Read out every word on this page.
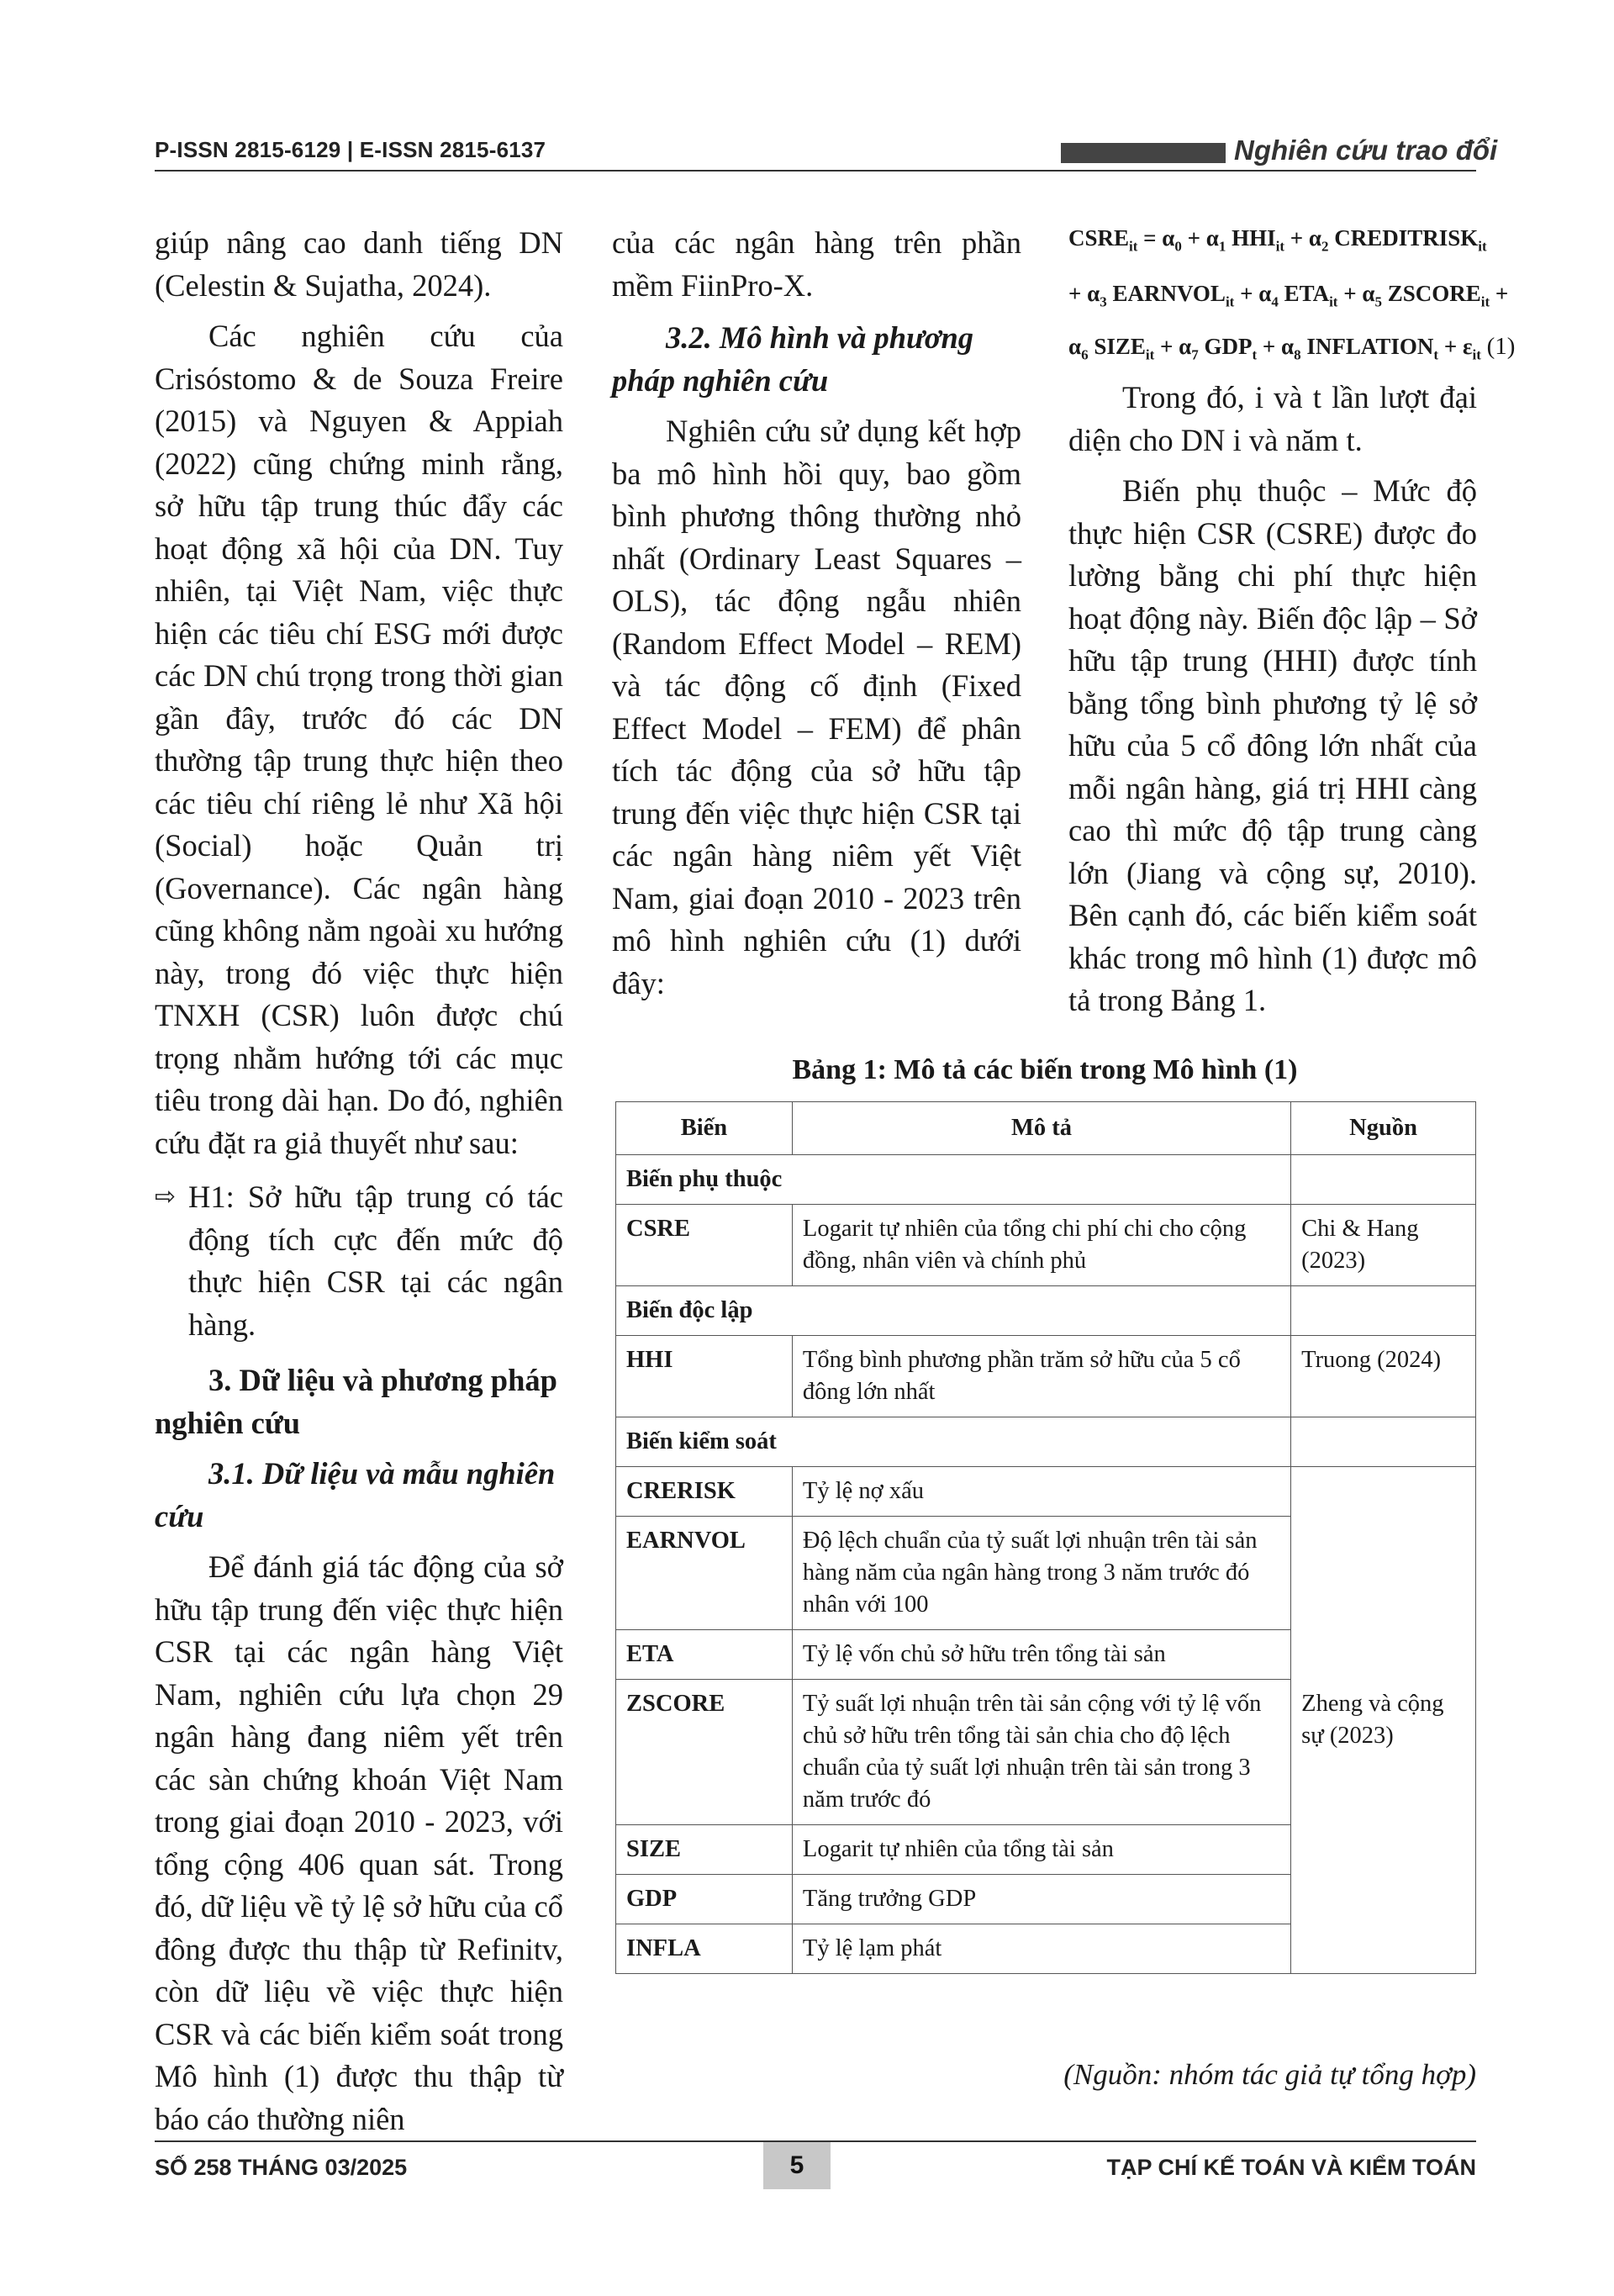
P-ISSN 2815-6129 | E-ISSN 2815-6137	Nghiên cứu trao đổi

giúp nâng cao danh tiếng DN (Celestin & Sujatha, 2024).

Các nghiên cứu của Crisóstomo & de Souza Freire (2015) và Nguyen & Appiah (2022) cũng chứng minh rằng, sở hữu tập trung thúc đẩy các hoạt động xã hội của DN. Tuy nhiên, tại Việt Nam, việc thực hiện các tiêu chí ESG mới được các DN chú trọng trong thời gian gần đây, trước đó các DN thường tập trung thực hiện theo các tiêu chí riêng lẻ như Xã hội (Social) hoặc Quản trị (Governance). Các ngân hàng cũng không nằm ngoài xu hướng này, trong đó việc thực hiện TNXH (CSR) luôn được chú trọng nhằm hướng tới các mục tiêu trong dài hạn. Do đó, nghiên cứu đặt ra giả thuyết như sau:

⇨ H1: Sở hữu tập trung có tác động tích cực đến mức độ thực hiện CSR tại các ngân hàng.

3. Dữ liệu và phương pháp nghiên cứu
3.1. Dữ liệu và mẫu nghiên cứu

Để đánh giá tác động của sở hữu tập trung đến việc thực hiện CSR tại các ngân hàng Việt Nam, nghiên cứu lựa chọn 29 ngân hàng đang niêm yết trên các sàn chứng khoán Việt Nam trong giai đoạn 2010 - 2023, với tổng cộng 406 quan sát. Trong đó, dữ liệu về tỷ lệ sở hữu của cổ đông được thu thập từ Refinitv, còn dữ liệu về việc thực hiện CSR và các biến kiểm soát trong Mô hình (1) được thu thập từ báo cáo thường niên

của các ngân hàng trên phần mềm FiinPro-X.

3.2. Mô hình và phương pháp nghiên cứu

Nghiên cứu sử dụng kết hợp ba mô hình hồi quy, bao gồm bình phương thông thường nhỏ nhất (Ordinary Least Squares – OLS), tác động ngẫu nhiên (Random Effect Model – REM) và tác động cố định (Fixed Effect Model – FEM) để phân tích tác động của sở hữu tập trung đến việc thực hiện CSR tại các ngân hàng niêm yết Việt Nam, giai đoạn 2010 - 2023 trên mô hình nghiên cứu (1) dưới đây:

$CSRE_{it} = \alpha_0 + \alpha_1$ $HHI_{it} + \alpha_2$ $CREDITRISK_{it}$
+ $\alpha_3$ $EARNVOL_{it} + \alpha_4$ $ETA_{it} + \alpha_5$ $ZSCORE_{it}$ +
$\alpha_6$ $SIZE_{it} + \alpha_7$ $GDP_t + \alpha_8$ $INFLATION_t + \varepsilon_{it}$ (1)

Trong đó, i và t lần lượt đại diện cho DN i và năm t.

Biến phụ thuộc – Mức độ thực hiện CSR (CSRE) được đo lường bằng chi phí thực hiện hoạt động này. Biến độc lập – Sở hữu tập trung (HHI) được tính bằng tổng bình phương tỷ lệ sở hữu của 5 cổ đông lớn nhất của mỗi ngân hàng, giá trị HHI càng cao thì mức độ tập trung càng lớn (Jiang và cộng sự, 2010). Bên cạnh đó, các biến kiểm soát khác trong mô hình (1) được mô tả trong Bảng 1.

Bảng 1: Mô tả các biến trong Mô hình (1)
Biến	Mô tả	Nguồn
Biến phụ thuộc		
CSRE	Logarit tự nhiên của tổng chi phí chi cho cộng đồng, nhân viên và chính phủ	Chi & Hang (2023)
Biến độc lập		
HHI	Tổng bình phương phần trăm sở hữu của 5 cổ đông lớn nhất	Truong (2024)
Biến kiểm soát		
CRERISK	Tỷ lệ nợ xấu	Zheng và cộng sự (2023)
EARNVOL	Độ lệch chuẩn của tỷ suất lợi nhuận trên tài sản hàng năm của ngân hàng trong 3 năm trước đó nhân với 100	
ETA	Tỷ lệ vốn chủ sở hữu trên tổng tài sản	
ZSCORE	Tỷ suất lợi nhuận trên tài sản cộng với tỷ lệ vốn chủ sở hữu trên tổng tài sản chia cho độ lệch chuẩn của tỷ suất lợi nhuận trên tài sản trong 3 năm trước đó	
SIZE	Logarit tự nhiên của tổng tài sản	
GDP	Tăng trưởng GDP	
INFLA	Tỷ lệ lạm phát	
(Nguồn: nhóm tác giả tự tổng hợp)
SỐ 258 THÁNG 03/2025	5	TẠP CHÍ KẾ TOÁN VÀ KIỂM TOÁN
